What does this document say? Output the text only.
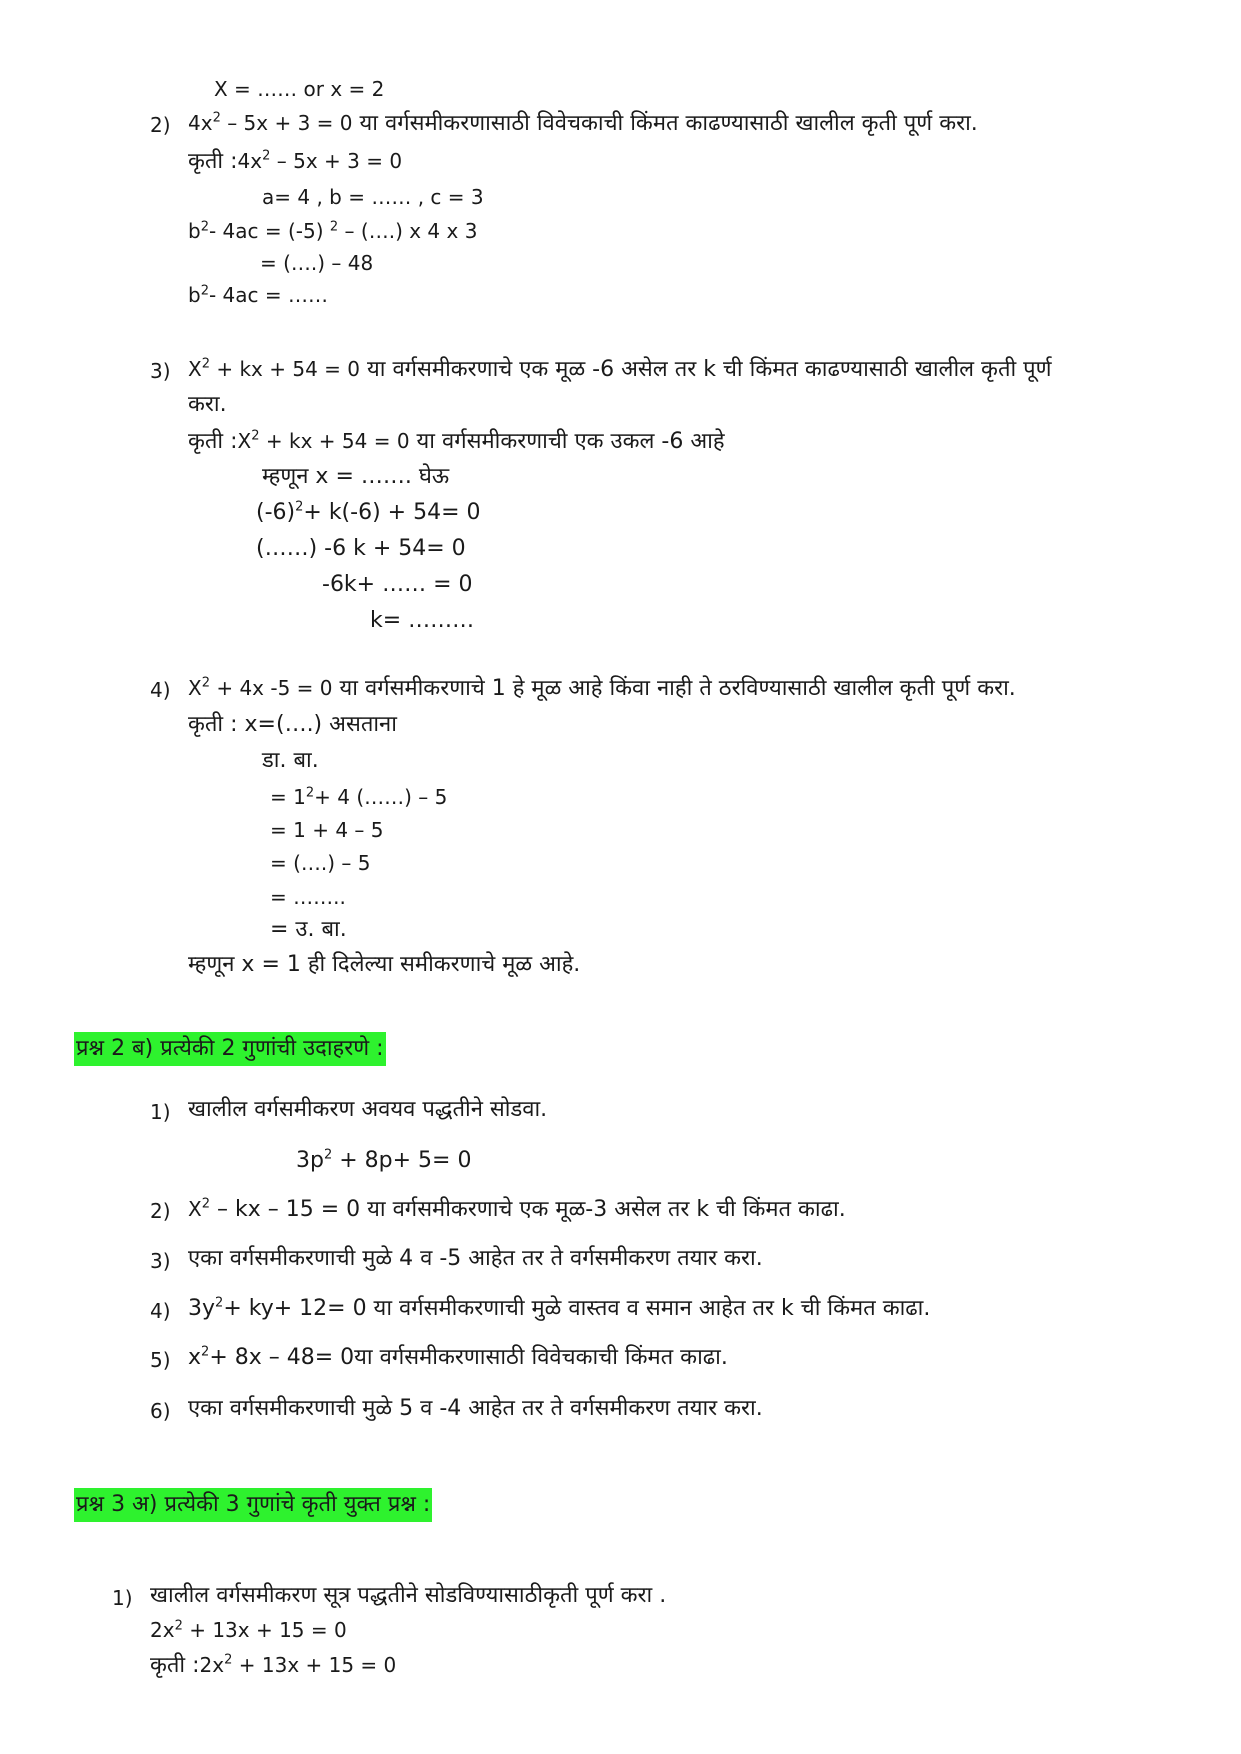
X = …… or x = 2
2) $4x^2 - 5x + 3 = 0$ या वर्गसमीकरणासाठी विवेचकाची किंमत काढण्यासाठी खालील कृती पूर्ण करा.
कृती $:4x^2 - 5x + 3 = 0$
a= 4 , b = …… , c = 3
$b^2-$ 4ac = (-5) $^2$ – (….) x 4 x 3
= (….) – 48
$b^2-$ 4ac = ……
3) $X^2$ + kx + 54 = 0 या वर्गसमीकरणाचे एक मूळ -6 असेल तर k ची किंमत काढण्यासाठी खालील कृती पूर्ण
करा.
कृती $:X^2$ + kx + 54 = 0 या वर्गसमीकरणाची एक उकल -6 आहे
म्हणून x = ……. घेऊ
$(-6)^2+ k(-6) + 54= 0$
(……) -6 k + 54= 0
-6k+ …… = 0
k= ………
4) $X^2 + 4x$ -5 = 0 या वर्गसमीकरणाचे 1 हे मूळ आहे किंवा नाही ते ठरविण्यासाठी खालील कृती पूर्ण करा.
कृती : x=(….) असताना
डा. बा.
= $1^2+ 4$ (……) – 5
= 1 + 4 – 5
= (….) – 5
= ……..
= उ. बा.
म्हणून x = 1 ही दिलेल्या समीकरणाचे मूळ आहे.
प्रश्न 2 ब) प्रत्येकी 2 गुणांची उदाहरणे :
1) खालील वर्गसमीकरण अवयव पद्धतीने सोडवा.
$3p^2 + 8p+ 5= 0$
2) $X^2$ – kx – 15 = 0 या वर्गसमीकरणाचे एक मूळ-3 असेल तर k ची किंमत काढा.
3) एका वर्गसमीकरणाची मुळे 4 व -5 आहेत तर ते वर्गसमीकरण तयार करा.
4) $3y^2+ ky+ 12= 0$ या वर्गसमीकरणाची मुळे वास्तव व समान आहेत तर k ची किंमत काढा.
5) $x^2+ 8x - 48=$ 0या वर्गसमीकरणासाठी विवेचकाची किंमत काढा.
6) एका वर्गसमीकरणाची मुळे 5 व -4 आहेत तर ते वर्गसमीकरण तयार करा.
प्रश्न 3 अ) प्रत्येकी 3 गुणांचे कृती युक्त प्रश्न :
1) खालील वर्गसमीकरण सूत्र पद्धतीने सोडविण्यासाठीकृती पूर्ण करा .
$2x^2 + 13x + 15 = 0$
कृती $:2x^2 + 13x + 15 = 0$
